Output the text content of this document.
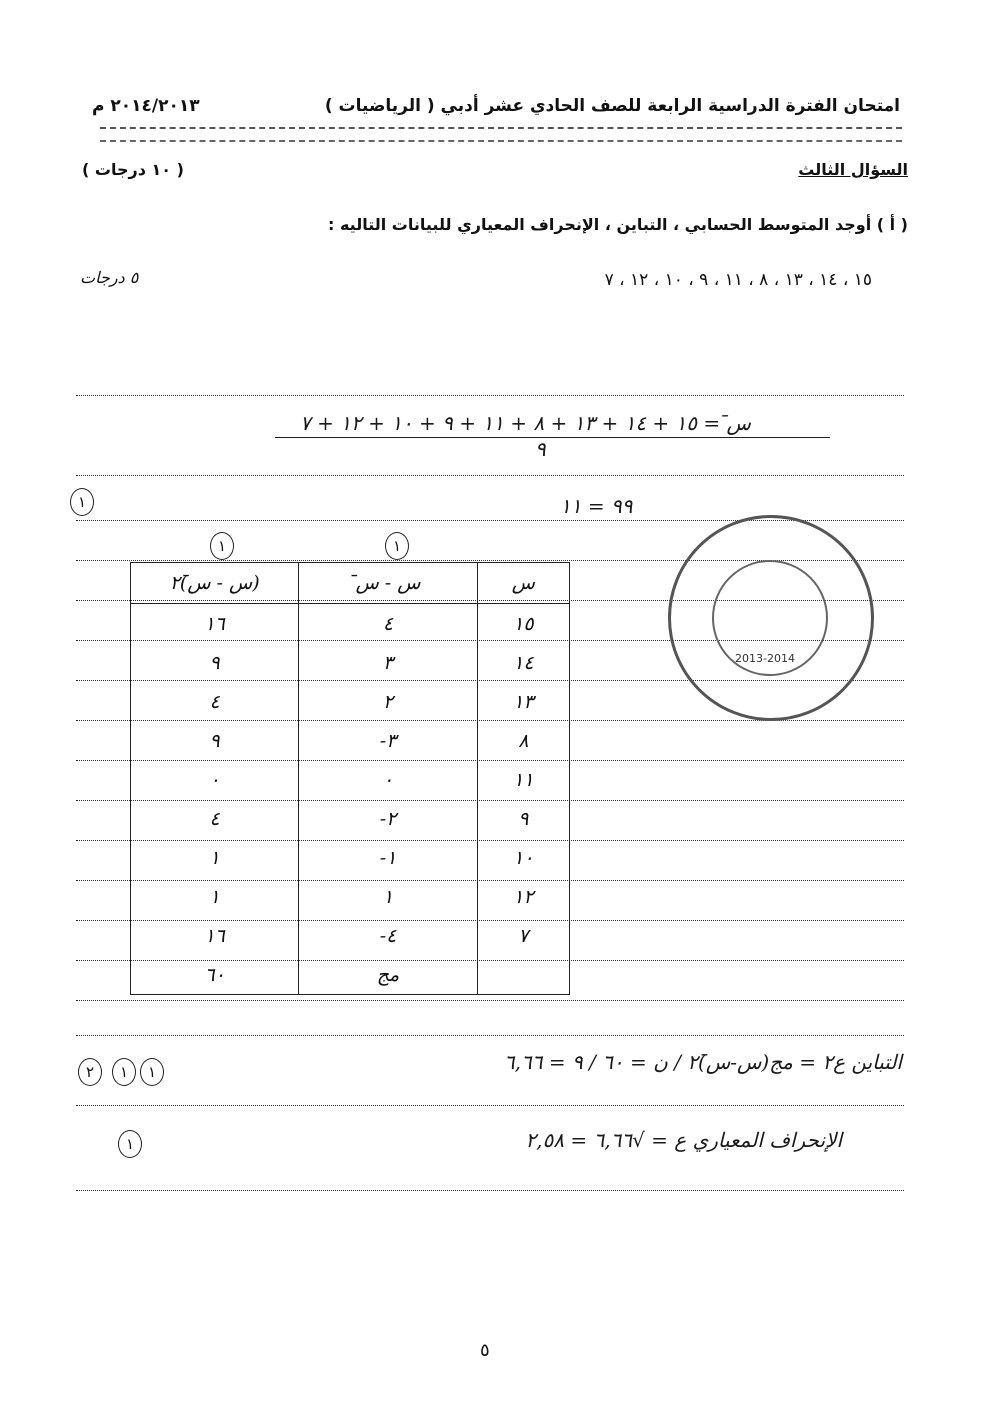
امتحان الفترة الدراسية الرابعة للصف الحادي عشر أدبي ( الرياضيات )
٢٠١٤/٢٠١٣ م
السؤال الثالث
( ١٠ درجات )
( أ ) أوجد المتوسط الحسابي ، التباين ، الإنحراف المعياري للبيانات التاليه :
١٥ ، ١٤ ، ١٣ ، ٨ ، ١١ ، ٩ ، ١٠ ، ١٢ ، ٧
٥ درجات
س̄ = ١٥ + ١٤ + ١٣ + ٨ + ١١ + ٩ + ١٠ + ١٢ + ٧
٩
٩٩ = ١١
١
١	١
2013-2014
س	س - س̄	(س - س̄)٢
١٥	٤	١٦
١٤	٣	٩
١٣	٢	٤
٨	٣-	٩
١١	٠	٠
٩	٢-	٤
١٠	١-	١
١٢	١	١
٧	٤-	١٦
	مج	٦٠
التباين ع٢ = مج(س-س̄)٢ / ن = ٦٠ / ٩ = ٦,٦٦
٢	١	١
الإنحراف المعياري ع = √٦,٦٦ = ٢,٥٨
١
٥
